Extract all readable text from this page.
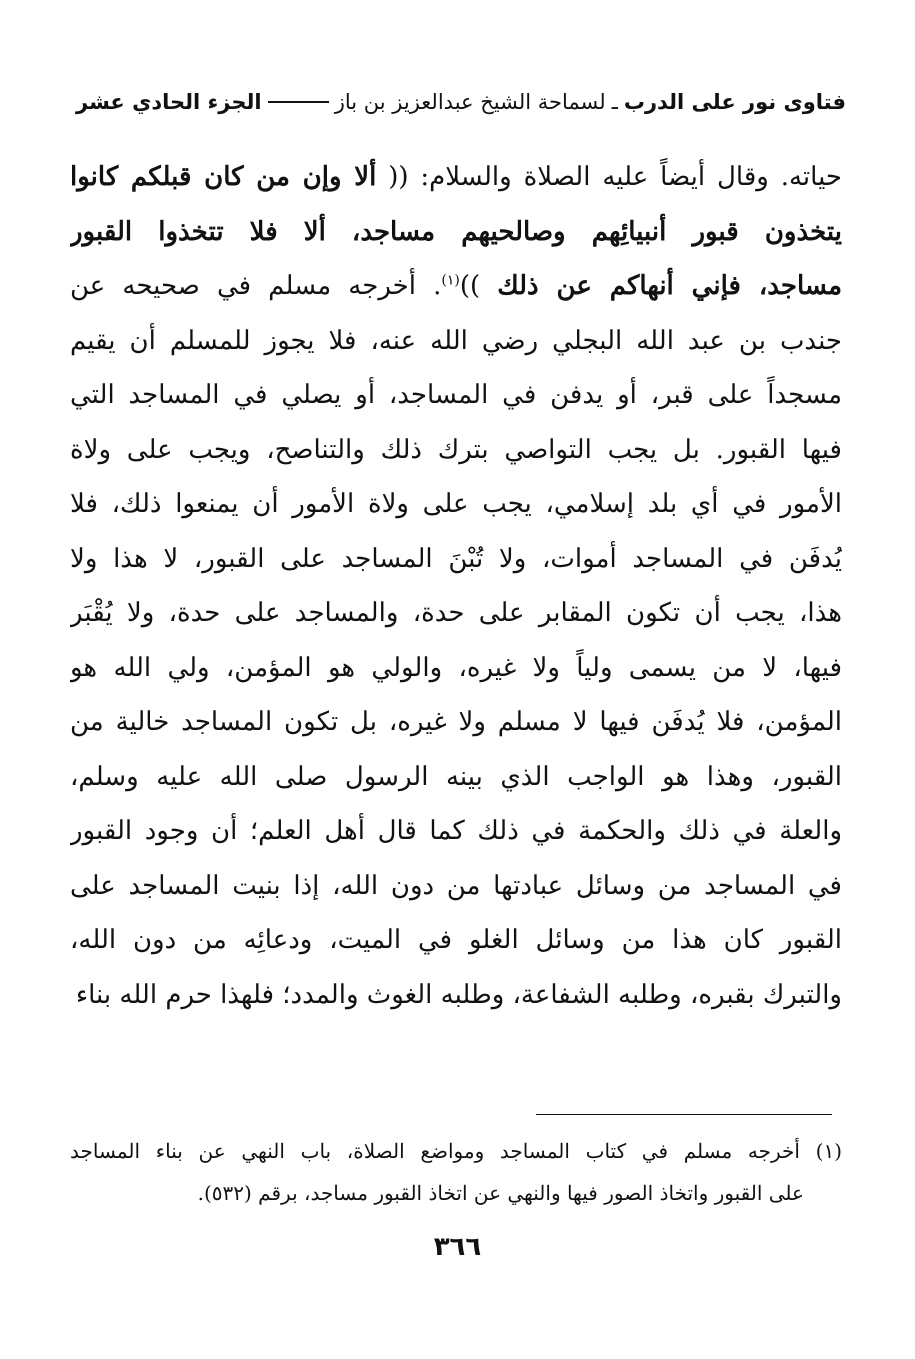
فتاوى نور على الدرب
ـ
لسماحة الشيخ عبدالعزيز بن باز
الجزء الحادي عشر
حياته. وقال أيضاً عليه الصلاة والسلام: (( ألا وإن من كان قبلكم كانوا
يتخذون قبور أنبيائِهم وصالحيهم مساجد، ألا فلا تتخذوا القبور
مساجد، فإني أنهاكم عن ذلك ))$^{(١)}$. أخرجه مسلم في صحيحه عن
جندب بن عبد الله البجلي رضي الله عنه، فلا يجوز للمسلم أن يقيم
مسجداً على قبر، أو يدفن في المساجد، أو يصلي في المساجد التي
فيها القبور. بل يجب التواصي بترك ذلك والتناصح، ويجب على ولاة
الأمور في أي بلد إسلامي، يجب على ولاة الأمور أن يمنعوا ذلك، فلا
يُدفَن في المساجد أموات، ولا تُبْنَ المساجد على القبور، لا هذا ولا
هذا، يجب أن تكون المقابر على حدة، والمساجد على حدة، ولا يُقْبَر
فيها، لا من يسمى ولياً ولا غيره، والولي هو المؤمن، ولي الله هو
المؤمن، فلا يُدفَن فيها لا مسلم ولا غيره، بل تكون المساجد خالية من
القبور، وهذا هو الواجب الذي بينه الرسول صلى الله عليه وسلم،
والعلة في ذلك والحكمة في ذلك كما قال أهل العلم؛ أن وجود القبور
في المساجد من وسائل عبادتها من دون الله، إذا بنيت المساجد على
القبور كان هذا من وسائل الغلو في الميت، ودعائِه من دون الله،
والتبرك بقبره، وطلبه الشفاعة، وطلبه الغوث والمدد؛ فلهذا حرم الله بناء
(١) أخرجه مسلم في كتاب المساجد ومواضع الصلاة، باب النهي عن بناء المساجد
على القبور واتخاذ الصور فيها والنهي عن اتخاذ القبور مساجد، برقم (٥٣٢).
٣٦٦
